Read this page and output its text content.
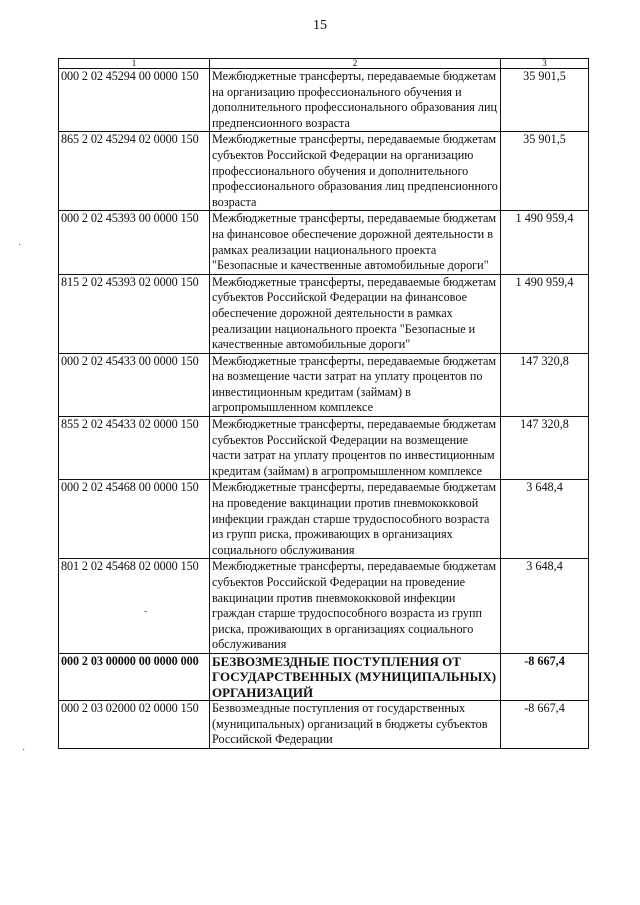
15
·
-
·
1	2	3
000 2 02 45294 00 0000 150	Межбюджетные трансферты, передаваемые бюджетам на организацию профессионального обучения и дополнительного профессионального образования лиц предпенсионного возраста	35 901,5
865 2 02 45294 02 0000 150	Межбюджетные трансферты, передаваемые бюджетам субъектов Российской Федерации на организацию профессионального обучения и дополнительного профессионального образования лиц предпенсионного возраста	35 901,5
000 2 02 45393 00 0000 150	Межбюджетные трансферты, передаваемые бюджетам на финансовое обеспечение дорожной деятельности в рамках реализации национального проекта "Безопасные и качественные автомобильные дороги"	1 490 959,4
815 2 02 45393 02 0000 150	Межбюджетные трансферты, передаваемые бюджетам субъектов Российской Федерации на финансовое обеспечение дорожной деятельности в рамках реализации национального проекта "Безопасные и качественные автомобильные дороги"	1 490 959,4
000 2 02 45433 00 0000 150	Межбюджетные трансферты, передаваемые бюджетам на возмещение части затрат на уплату процентов по инвестиционным кредитам (займам) в агропромышленном комплексе	147 320,8
855 2 02 45433 02 0000 150	Межбюджетные трансферты, передаваемые бюджетам субъектов Российской Федерации на возмещение части затрат на уплату процентов по инвестиционным кредитам (займам) в агропромышленном комплексе	147 320,8
000 2 02 45468 00 0000 150	Межбюджетные трансферты, передаваемые бюджетам на проведение вакцинации против пневмококковой инфекции граждан старше трудоспособного возраста из групп риска, проживающих в организациях социального обслуживания	3 648,4
801 2 02 45468 02 0000 150	Межбюджетные трансферты, передаваемые бюджетам субъектов Российской Федерации на проведение вакцинации против пневмококковой инфекции граждан старше трудоспособного возраста из групп риска, проживающих в организациях социального обслуживания	3 648,4
000 2 03 00000 00 0000 000	БЕЗВОЗМЕЗДНЫЕ ПОСТУПЛЕНИЯ ОТ ГОСУДАРСТВЕННЫХ (МУНИЦИПАЛЬНЫХ) ОРГАНИЗАЦИЙ	-8 667,4
000 2 03 02000 02 0000 150	Безвозмездные поступления от государственных (муниципальных) организаций в бюджеты субъектов Российской Федерации	-8 667,4
